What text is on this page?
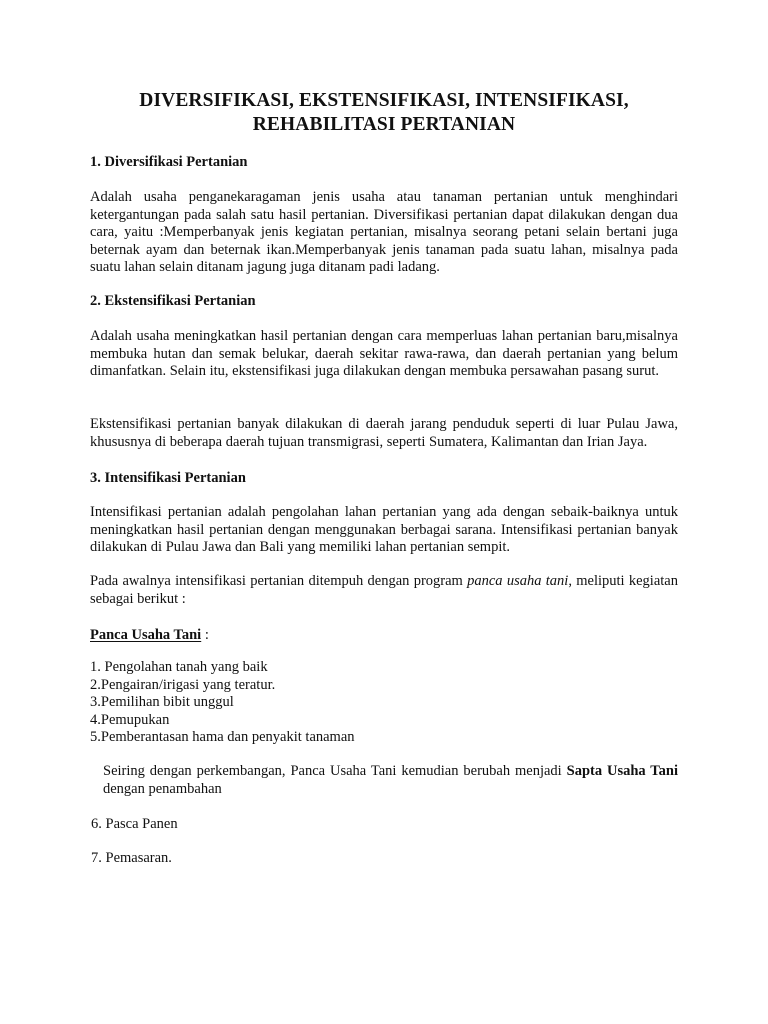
DIVERSIFIKASI, EKSTENSIFIKASI, INTENSIFIKASI,
REHABILITASI PERTANIAN

1. Diversifikasi Pertanian

Adalah usaha penganekaragaman jenis usaha atau tanaman pertanian untuk menghindari ketergantungan pada salah satu hasil pertanian. Diversifikasi pertanian dapat dilakukan dengan dua cara, yaitu :Memperbanyak jenis kegiatan pertanian, misalnya seorang petani selain bertani juga beternak ayam dan beternak ikan.Memperbanyak jenis tanaman pada suatu lahan, misalnya pada suatu lahan selain ditanam jagung juga ditanam padi ladang.

2. Ekstensifikasi Pertanian

Adalah usaha meningkatkan hasil pertanian dengan cara memperluas lahan pertanian baru,misalnya membuka hutan dan semak belukar, daerah sekitar rawa-rawa, dan daerah pertanian yang belum dimanfatkan. Selain itu, ekstensifikasi juga dilakukan dengan membuka persawahan pasang surut.

Ekstensifikasi pertanian banyak dilakukan di daerah jarang penduduk seperti di luar Pulau Jawa, khususnya di beberapa daerah tujuan transmigrasi, seperti Sumatera, Kalimantan dan Irian Jaya.

3. Intensifikasi Pertanian

Intensifikasi pertanian adalah pengolahan lahan pertanian yang ada dengan sebaik-baiknya untuk meningkatkan hasil pertanian dengan menggunakan berbagai sarana. Intensifikasi pertanian banyak dilakukan di Pulau Jawa dan Bali yang memiliki lahan pertanian sempit.

Pada awalnya intensifikasi pertanian ditempuh dengan program panca usaha tani, meliputi kegiatan sebagai berikut :

Panca Usaha Tani :

1. Pengolahan tanah yang baik

2.Pengairan/irigasi yang teratur.

3.Pemilihan bibit unggul

4.Pemupukan

5.Pemberantasan hama dan penyakit tanaman

Seiring dengan perkembangan, Panca Usaha Tani kemudian berubah menjadi Sapta Usaha Tani dengan penambahan

6. Pasca Panen

7. Pemasaran.
